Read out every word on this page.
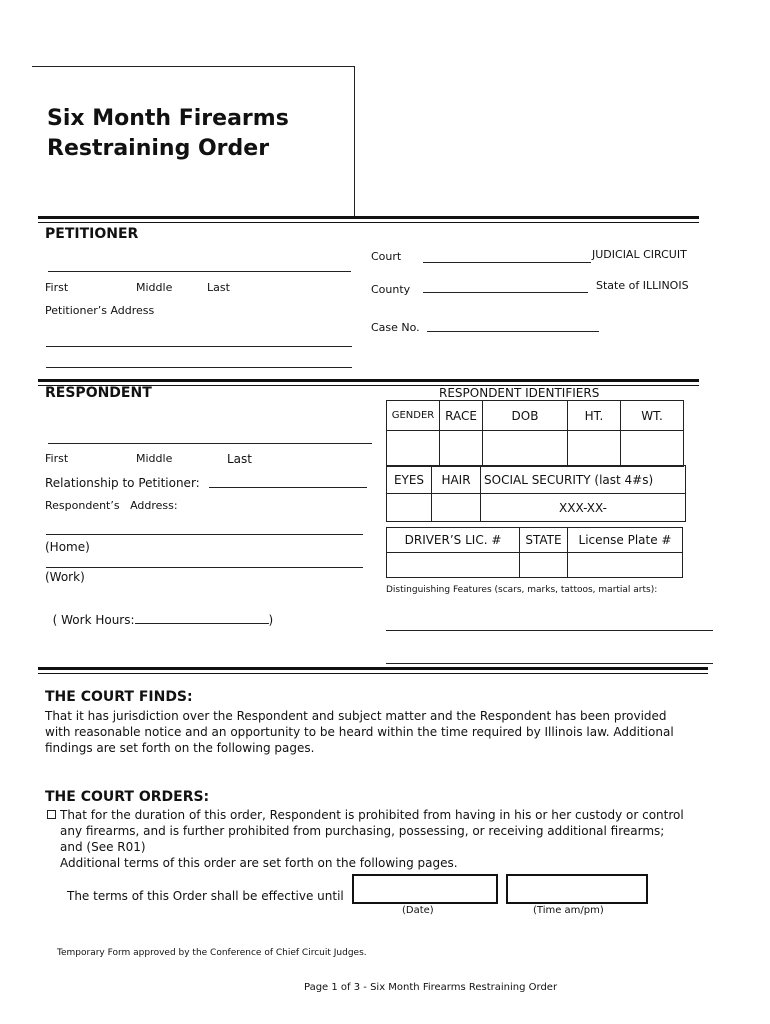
Six Month Firearms
Restraining Order
PETITIONER
First	Middle	Last
Petitioner’s Address
Court	JUDICIAL CIRCUIT
County	State of ILLINOIS
Case No.
RESPONDENT
First	Middle	Last
Relationship to Petitioner:
Respondent’s   Address:
(Home)
(Work)

( Work Hours:	)

RESPONDENT IDENTIFIERS
GENDER	RACE	DOB	HT.	WT.

EYES	HAIR	SOCIAL SECURITY (last 4#s)
		XXX-XX-
DRIVER’S LIC. #	STATE	License Plate #

Distinguishing Features (scars, marks, tattoos, martial arts):
THE COURT FINDS:
That it has jurisdiction over the Respondent and subject matter and the Respondent has been provided
with reasonable notice and an opportunity to be heard within the time required by Illinois law. Additional
findings are set forth on the following pages.
THE COURT ORDERS:
That for the duration of this order, Respondent is prohibited from having in his or her custody or control
any firearms, and is further prohibited from purchasing, possessing, or receiving additional firearms;
and (See R01)
Additional terms of this order are set forth on the following pages.
The terms of this Order shall be effective until
(Date)	(Time am/pm)
Temporary Form approved by the Conference of Chief Circuit Judges.
Page 1 of 3 - Six Month Firearms Restraining Order
